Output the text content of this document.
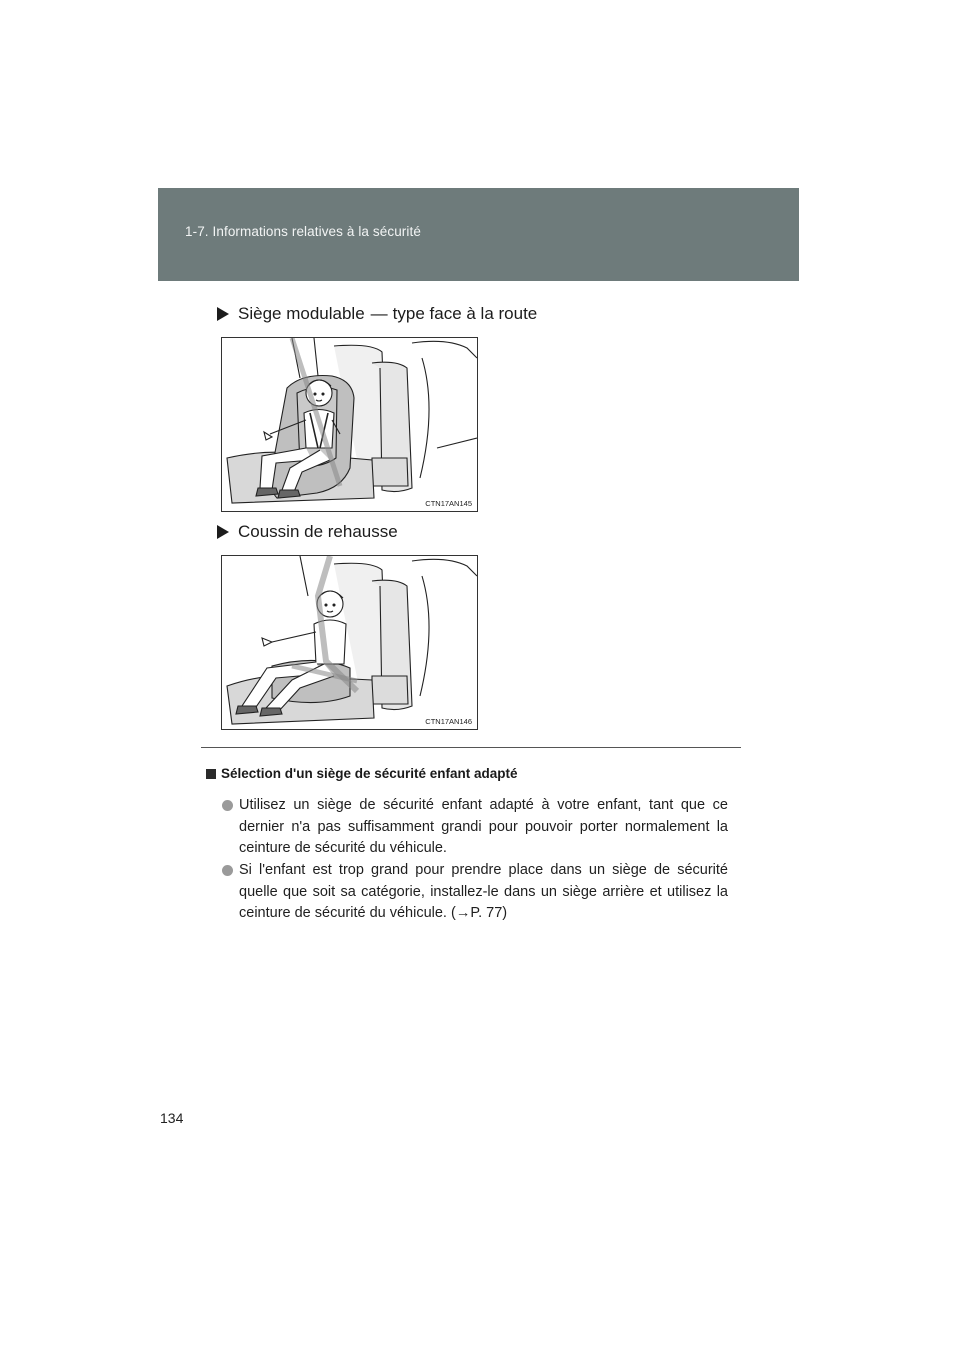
1-7. Informations relatives à la sécurité
Siège modulable — type face à la route
CTN17AN145
Coussin de rehausse
CTN17AN146
Sélection d'un siège de sécurité enfant adapté
Utilisez un siège de sécurité enfant adapté à votre enfant, tant que ce dernier n'a pas suffisamment grandi pour pouvoir porter normalement la ceinture de sécurité du véhicule.
Si l'enfant est trop grand pour prendre place dans un siège de sécurité quelle que soit sa catégorie, installez-le dans un siège arrière et utilisez la ceinture de sécurité du véhicule. (→P. 77)
134
